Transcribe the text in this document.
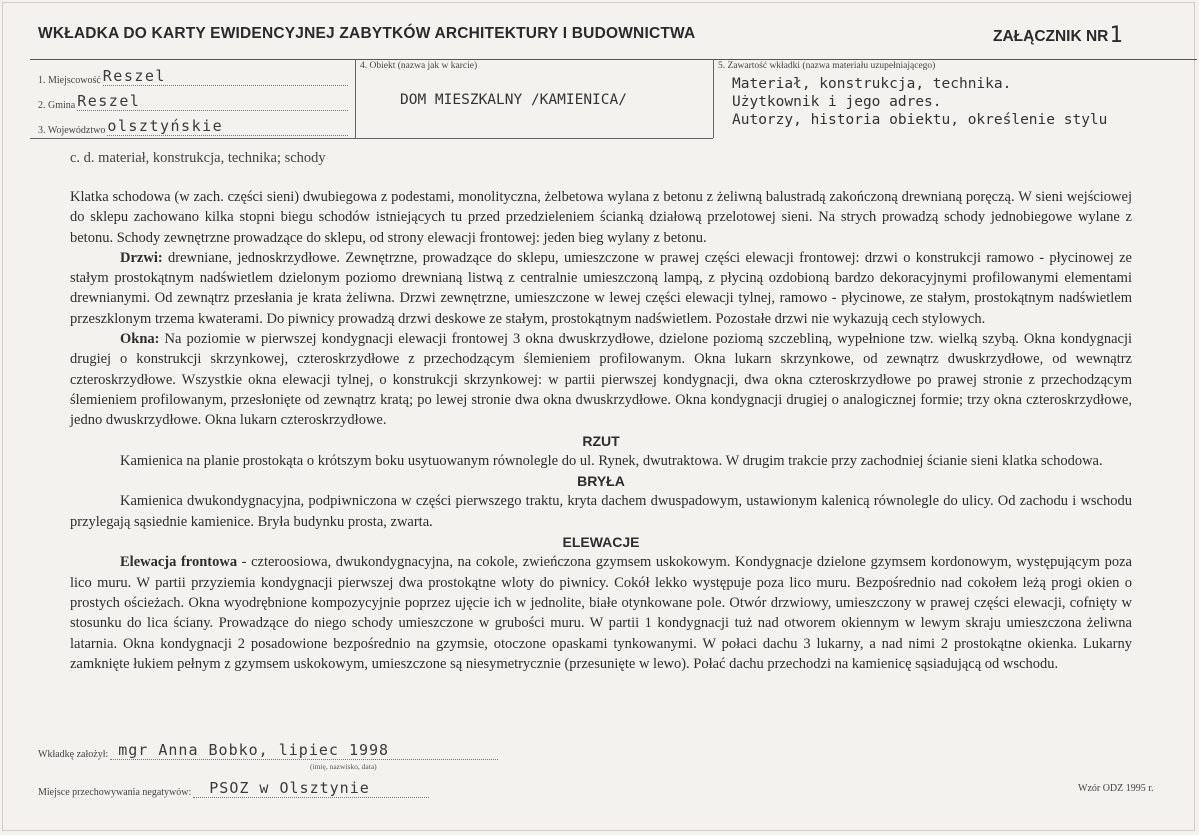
WKŁADKA DO KARTY EWIDENCYJNEJ ZABYTKÓW ARCHITEKTURY I BUDOWNICTWA	ZAŁĄCZNIK NR1
1. Miejscowość Reszel
2. Gmina Reszel
3. Województwo olsztyńskie
4. Obiekt (nazwa jak w karcie)
DOM MIESZKALNY /KAMIENICA/
5. Zawartość wkładki (nazwa materiału uzupełniającego)
Materiał, konstrukcja, technika.
Użytkownik i jego adres.
Autorzy, historia obiektu, określenie stylu
c. d. materiał, konstrukcja, technika; schody

Klatka schodowa (w zach. części sieni) dwubiegowa z podestami, monolityczna, żelbetowa wylana z betonu z żeliwną balustradą zakończoną drewnianą poręczą. W sieni wejściowej do sklepu zachowano kilka stopni biegu schodów istniejących tu przed przedzieleniem ścianką działową przelotowej sieni. Na strych prowadzą schody jednobiegowe wylane z betonu. Schody zewnętrzne prowadzące do sklepu, od strony elewacji frontowej: jeden bieg wylany z betonu.

Drzwi: drewniane, jednoskrzydłowe. Zewnętrzne, prowadzące do sklepu, umieszczone w prawej części elewacji frontowej: drzwi o konstrukcji ramowo - płycinowej ze stałym prostokątnym nadświetlem dzielonym poziomo drewnianą listwą z centralnie umieszczoną lampą, z płyciną ozdobioną bardzo dekoracyjnymi profilowanymi elementami drewnianymi. Od zewnątrz przesłania je krata żeliwna. Drzwi zewnętrzne, umieszczone w lewej części elewacji tylnej, ramowo - płycinowe, ze stałym, prostokątnym nadświetlem przeszklonym trzema kwaterami. Do piwnicy prowadzą drzwi deskowe ze stałym, prostokątnym nadświetlem. Pozostałe drzwi nie wykazują cech stylowych.

Okna: Na poziomie w pierwszej kondygnacji elewacji frontowej 3 okna dwuskrzydłowe, dzielone poziomą szczebliną, wypełnione tzw. wielką szybą. Okna kondygnacji drugiej o konstrukcji skrzynkowej, czteroskrzydłowe z przechodzącym ślemieniem profilowanym. Okna lukarn skrzynkowe, od zewnątrz dwuskrzydłowe, od wewnątrz czteroskrzydłowe. Wszystkie okna elewacji tylnej, o konstrukcji skrzynkowej: w partii pierwszej kondygnacji, dwa okna czteroskrzydłowe po prawej stronie z przechodzącym ślemieniem profilowanym, przesłonięte od zewnątrz kratą; po lewej stronie dwa okna dwuskrzydłowe. Okna kondygnacji drugiej o analogicznej formie; trzy okna czteroskrzydłowe, jedno dwuskrzydłowe. Okna lukarn czteroskrzydłowe.

RZUT

Kamienica na planie prostokąta o krótszym boku usytuowanym równolegle do ul. Rynek, dwutraktowa. W drugim trakcie przy zachodniej ścianie sieni klatka schodowa.

BRYŁA

Kamienica dwukondygnacyjna, podpiwniczona w części pierwszego traktu, kryta dachem dwuspadowym, ustawionym kalenicą równolegle do ulicy. Od zachodu i wschodu przylegają sąsiednie kamienice. Bryła budynku prosta, zwarta.

ELEWACJE

Elewacja frontowa - czteroosiowa, dwukondygnacyjna, na cokole, zwieńczona gzymsem uskokowym. Kondygnacje dzielone gzymsem kordonowym, występującym poza lico muru. W partii przyziemia kondygnacji pierwszej dwa prostokątne wloty do piwnicy. Cokół lekko występuje poza lico muru. Bezpośrednio nad cokołem leżą progi okien o prostych ościeżach. Okna wyodrębnione kompozycyjnie poprzez ujęcie ich w jednolite, białe otynkowane pole. Otwór drzwiowy, umieszczony w prawej części elewacji, cofnięty w stosunku do lica ściany. Prowadzące do niego schody umieszczone w grubości muru. W partii 1 kondygnacji tuż nad otworem okiennym w lewym skraju umieszczona żeliwna latarnia. Okna kondygnacji 2 posadowione bezpośrednio na gzymsie, otoczone opaskami tynkowanymi. W połaci dachu 3 lukarny, a nad nimi 2 prostokątne okienka. Lukarny zamknięte łukiem pełnym z gzymsem uskokowym, umieszczone są niesymetrycznie (przesunięte w lewo). Połać dachu przechodzi na kamienicę sąsiadującą od wschodu.

Wkładkę założył: mgr Anna Bobko, lipiec 1998
(imię, nazwisko, data)
Miejsce przechowywania negatywów:	PSOZ w Olsztynie	Wzór ODZ 1995 r.
